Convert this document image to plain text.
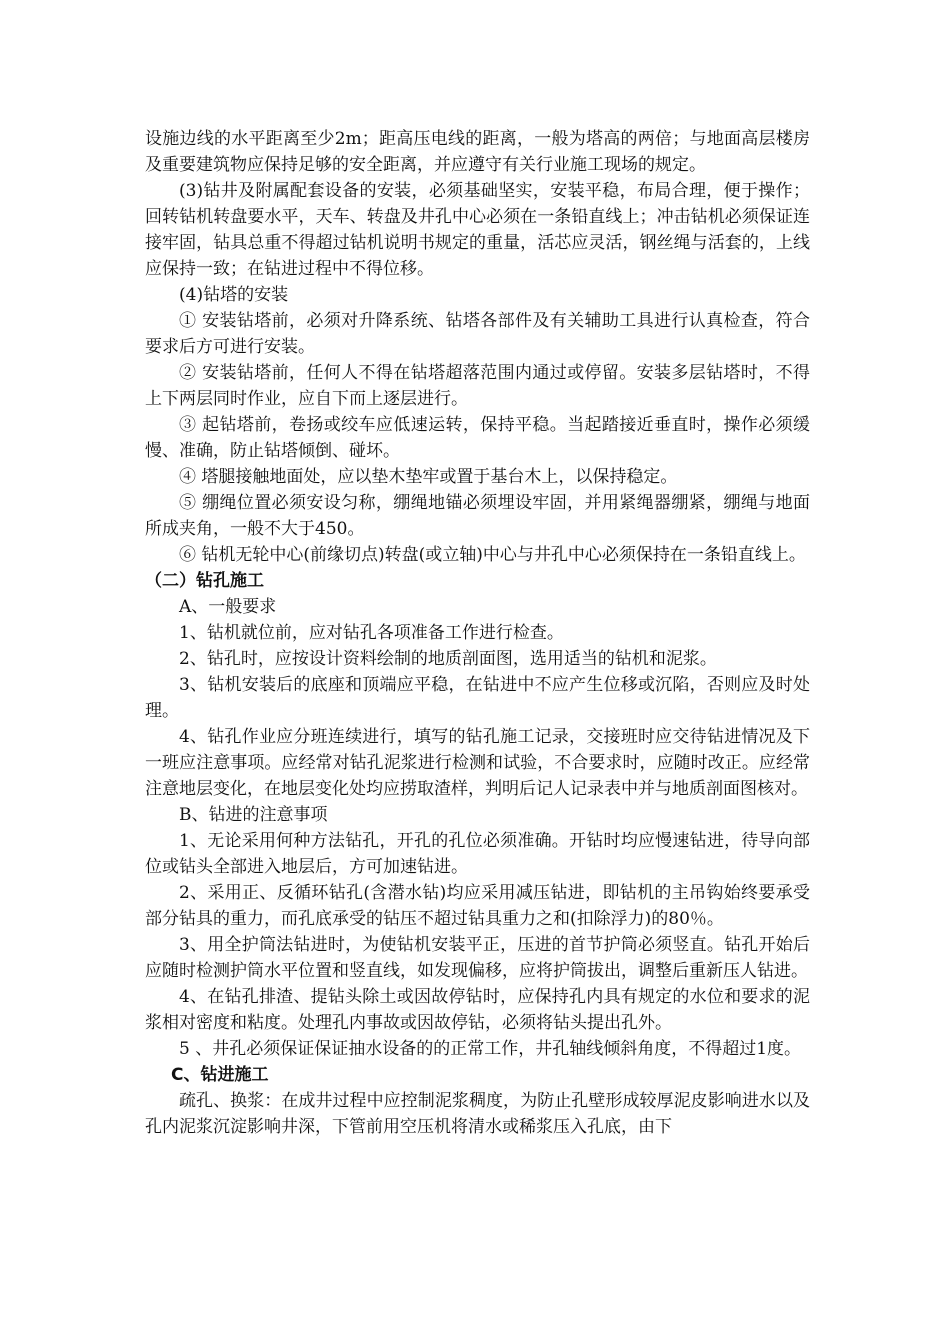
设施边线的水平距离至少2m；距高压电线的距离，一般为塔高的两倍；与地面高层楼房及重要建筑物应保持足够的安全距离，并应遵守有关行业施工现场的规定。

(3)钻井及附属配套设备的安装，必须基础坚实，安装平稳，布局合理，便于操作；回转钻机转盘要水平，天车、转盘及井孔中心必须在一条铅直线上；冲击钻机必须保证连接牢固，钻具总重不得超过钻机说明书规定的重量，活芯应灵活，钢丝绳与活套的，上线应保持一致；在钻进过程中不得位移。

(4)钻塔的安装

① 安装钻塔前，必须对升降系统、钻塔各部件及有关辅助工具进行认真检查，符合要求后方可进行安装。

② 安装钻塔前，任何人不得在钻塔超落范围内通过或停留。安装多层钻塔时，不得上下两层同时作业，应自下而上逐层进行。

③ 起钻塔前，卷扬或绞车应低速运转，保持平稳。当起踏接近垂直时，操作必须缓慢、准确，防止钻塔倾倒、碰坏。

④ 塔腿接触地面处，应以垫木垫牢或置于基台木上，以保持稳定。

⑤ 绷绳位置必须安设匀称，绷绳地锚必须埋设牢固，并用紧绳器绷紧，绷绳与地面所成夹角，一般不大于450。

⑥ 钻机无轮中心(前缘切点)转盘(或立轴)中心与井孔中心必须保持在一条铅直线上。

（二）钻孔施工

A、一般要求

1、钻机就位前，应对钻孔各项准备工作进行检查。

2、钻孔时，应按设计资料绘制的地质剖面图，选用适当的钻机和泥浆。

3、钻机安装后的底座和顶端应平稳，在钻进中不应产生位移或沉陷，否则应及时处理。

4、钻孔作业应分班连续进行，填写的钻孔施工记录，交接班时应交待钻进情况及下一班应注意事项。应经常对钻孔泥浆进行检测和试验，不合要求时，应随时改正。应经常注意地层变化，在地层变化处均应捞取渣样，判明后记人记录表中并与地质剖面图核对。

B、钻进的注意事项

1、无论采用何种方法钻孔，开孔的孔位必须准确。开钻时均应慢速钻进，待导向部位或钻头全部进入地层后，方可加速钻进。

2、采用正、反循环钻孔(含潜水钻)均应采用减压钻进，即钻机的主吊钩始终要承受部分钻具的重力，而孔底承受的钻压不超过钻具重力之和(扣除浮力)的80％。

3、用全护筒法钻进时，为使钻机安装平正，压进的首节护筒必须竖直。钻孔开始后应随时检测护筒水平位置和竖直线，如发现偏移，应将护筒拔出，调整后重新压人钻进。

4、在钻孔排渣、提钻头除土或因故停钻时，应保持孔内具有规定的水位和要求的泥浆相对密度和粘度。处理孔内事故或因故停钻，必须将钻头提出孔外。

5 、井孔必须保证保证抽水设备的的正常工作，井孔轴线倾斜角度，不得超过1度。

C、钻进施工

疏孔、换浆：在成井过程中应控制泥浆稠度，为防止孔壁形成较厚泥皮影响进水以及孔内泥浆沉淀影响井深，下管前用空压机将清水或稀浆压入孔底，由下
